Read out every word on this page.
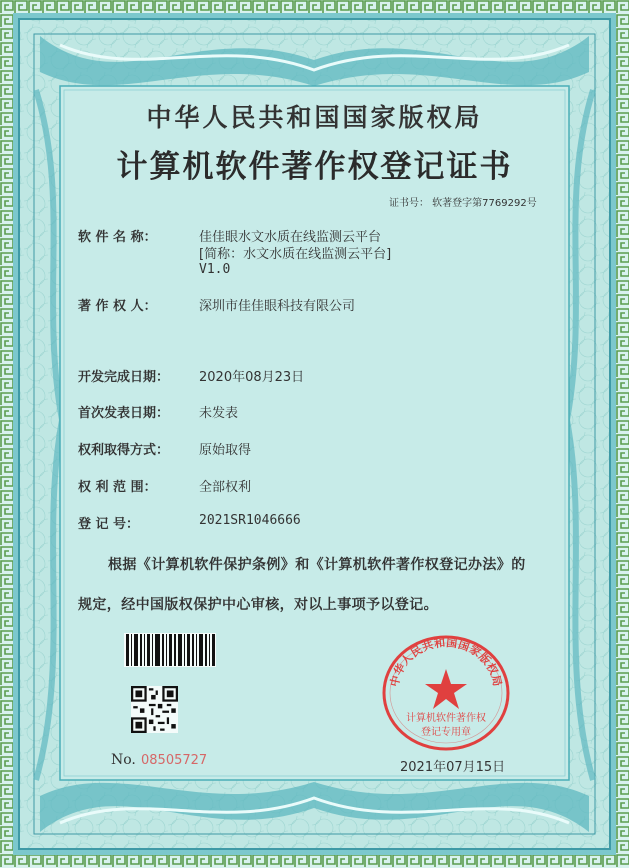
中华人民共和国国家版权局
计算机软件著作权登记证书
证书号： 软著登字第7769292号
软 件 名 称：	佳佳眼水文水质在线监测云平台
[简称：水文水质在线监测云平台]
V1.0
著 作 权 人：	深圳市佳佳眼科技有限公司
开发完成日期： 2020年08月23日
首次发表日期： 未发表
权利取得方式： 原始取得
权 利 范 围：	全部权利
登 记 号：	2021SR1046666
根据《计算机软件保护条例》和《计算机软件著作权登记办法》的
规定，经中国版权保护中心审核，对以上事项予以登记。
No. 08505727
中华人民共和国国家版权局
计算机软件著作权
登记专用章
2021年07月15日
